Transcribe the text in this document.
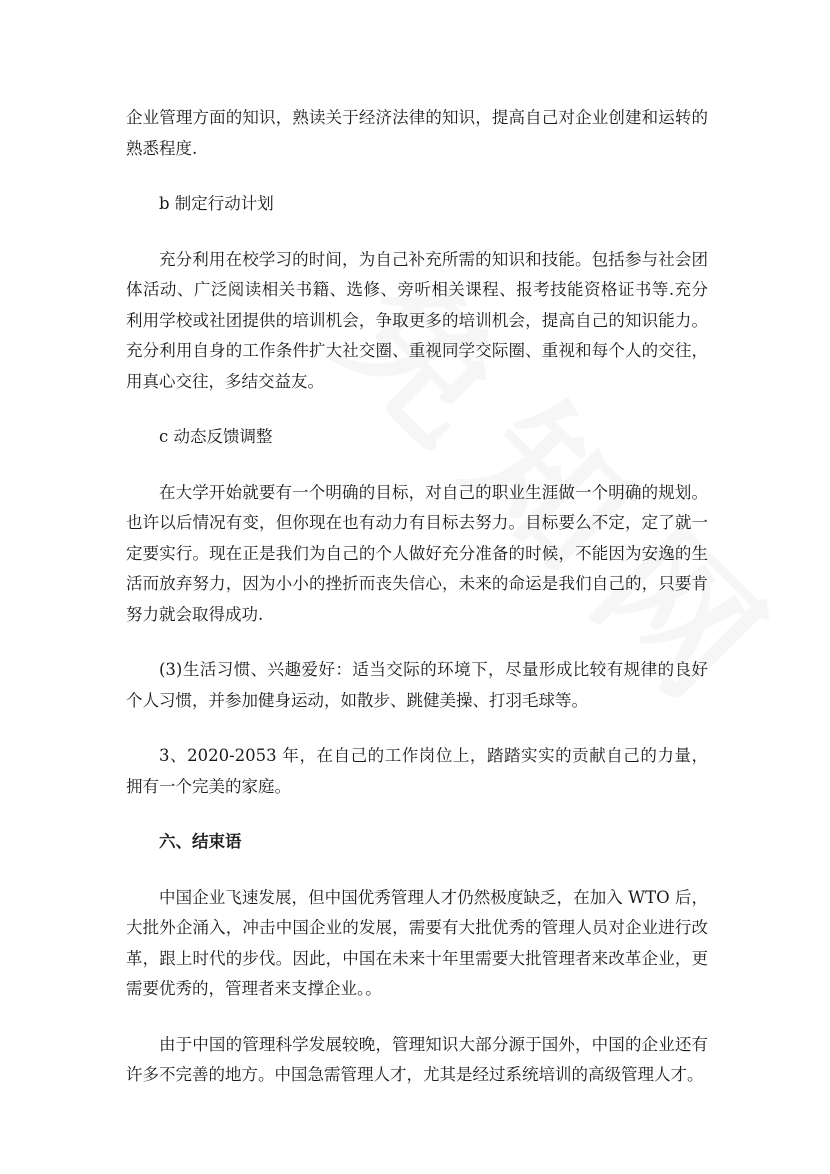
企业管理方面的知识，熟读关于经济法律的知识，提高自己对企业创建和运转的熟悉程度.

b 制定行动计划

充分利用在校学习的时间，为自己补充所需的知识和技能。包括参与社会团体活动、广泛阅读相关书籍、选修、旁听相关课程、报考技能资格证书等.充分利用学校或社团提供的培训机会，争取更多的培训机会，提高自己的知识能力。充分利用自身的工作条件扩大社交圈、重视同学交际圈、重视和每个人的交往，用真心交往，多结交益友。

c 动态反馈调整

在大学开始就要有一个明确的目标，对自己的职业生涯做一个明确的规划。也许以后情况有变，但你现在也有动力有目标去努力。目标要么不定，定了就一定要实行。现在正是我们为自己的个人做好充分准备的时候，不能因为安逸的生活而放弃努力，因为小小的挫折而丧失信心，未来的命运是我们自己的，只要肯努力就会取得成功.

(3)生活习惯、兴趣爱好：适当交际的环境下，尽量形成比较有规律的良好个人习惯，并参加健身运动，如散步、跳健美操、打羽毛球等。

3、2020-2053 年，在自己的工作岗位上，踏踏实实的贡献自己的力量，拥有一个完美的家庭。

六、结束语

中国企业飞速发展，但中国优秀管理人才仍然极度缺乏，在加入 WTO 后，大批外企涌入，冲击中国企业的发展，需要有大批优秀的管理人员对企业进行改革，跟上时代的步伐。因此，中国在未来十年里需要大批管理者来改革企业，更需要优秀的，管理者来支撑企业。。

由于中国的管理科学发展较晚，管理知识大部分源于国外，中国的企业还有许多不完善的地方。中国急需管理人才，尤其是经过系统培训的高级管理人才。
